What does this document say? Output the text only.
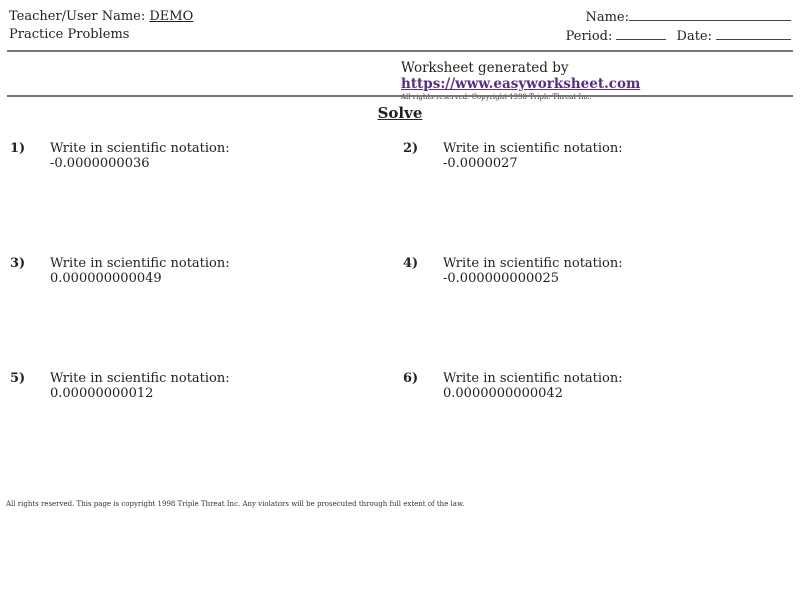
Teacher/User Name: DEMO
Practice Problems
Name:
Period:	Date:
Worksheet generated by https://www.easyworksheet.com
All rights reserved. Copyright 1998 Triple Threat Inc.
Solve
1) Write in scientific notation:
-0.0000000036
2) Write in scientific notation:
-0.0000027
3) Write in scientific notation:
0.000000000049
4) Write in scientific notation:
-0.000000000025
5) Write in scientific notation:
0.00000000012
6) Write in scientific notation:
0.0000000000042
All rights reserved. This page is copyright 1998 Triple Threat Inc. Any violators will be prosecuted through full extent of the law.
